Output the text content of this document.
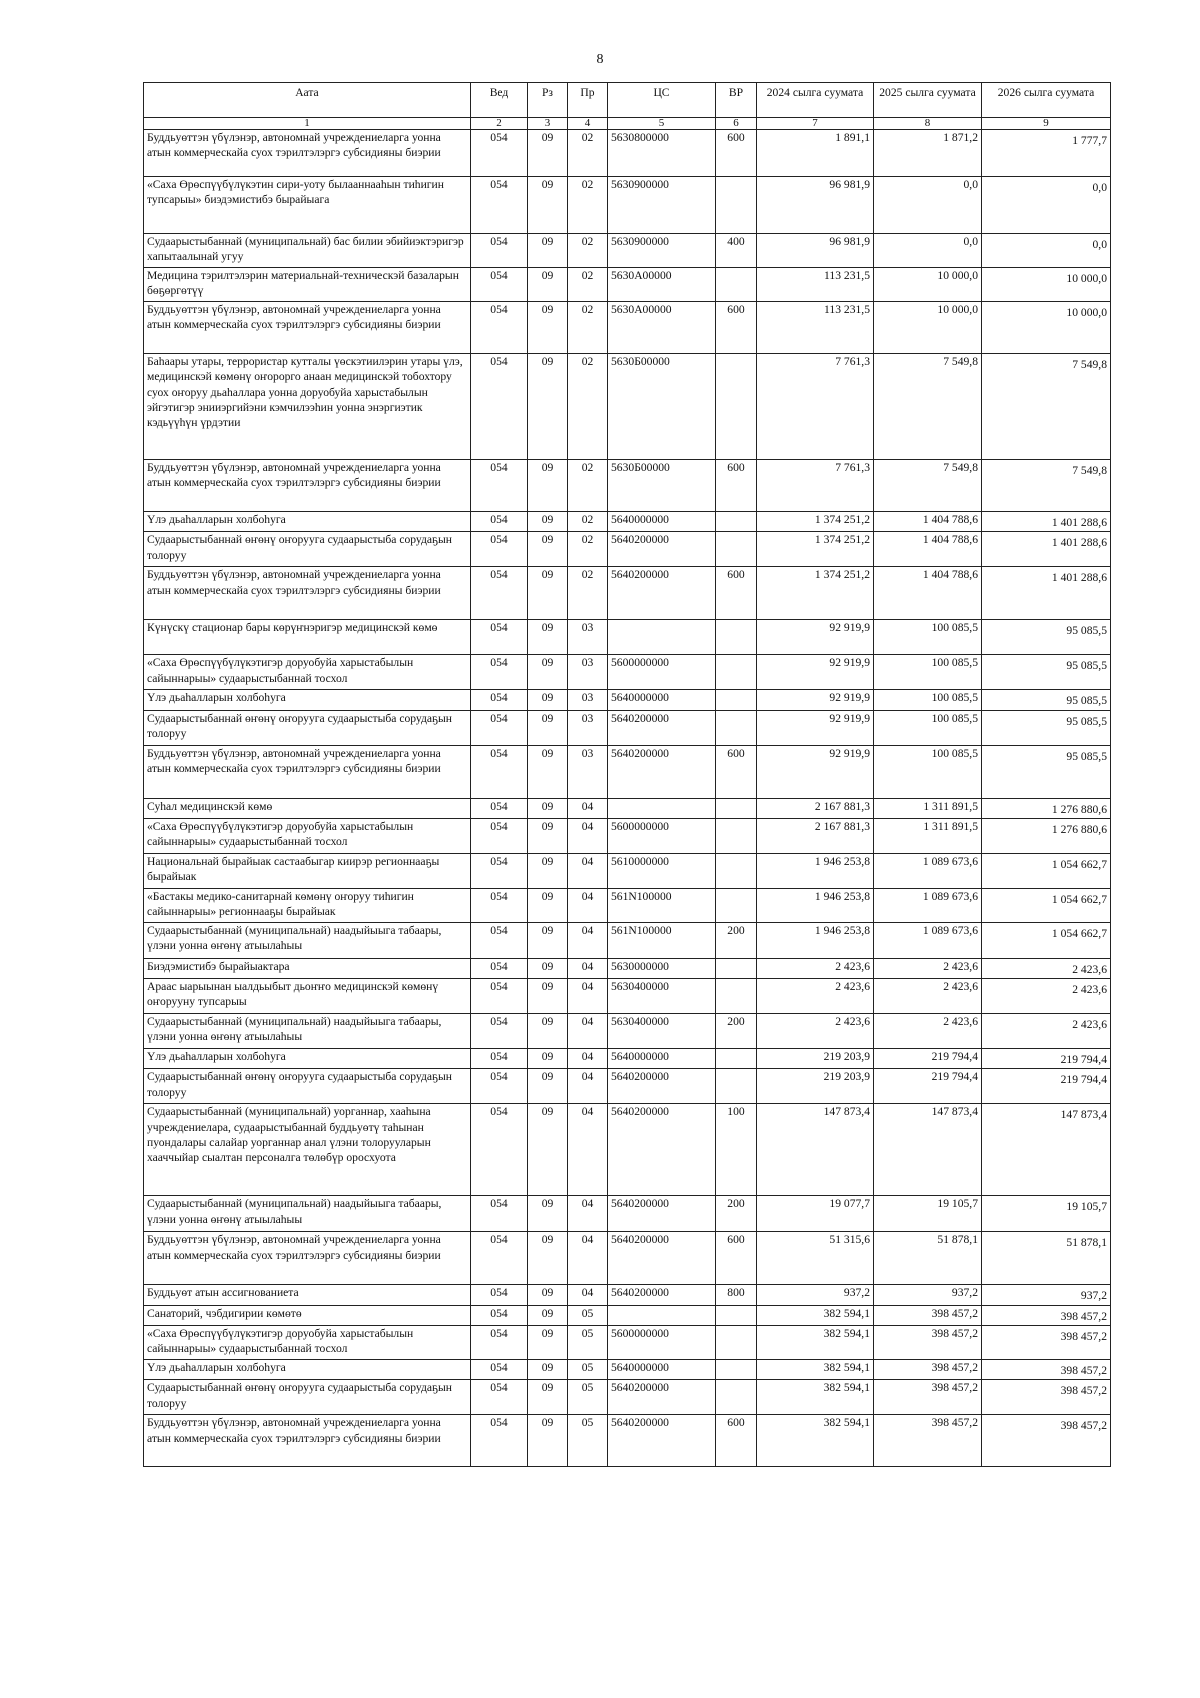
8
Аата	Вед	Рз	Пр	ЦС	ВР	2024 сылга суумата	2025 сылга суумата	2026 сылга суумата
1	2	3	4	5	6	7	8	9
Буддьуөттэн үбүлэнэр, автономнай учреждениеларга уонна атын коммерческайа суох тэрилтэлэргэ субсидияны биэрии	054	09	02	5630800000	600	1 891,1	1 871,2	1 777,7
«Саха Өрөспүүбүлүкэтин сири-уоту былааннааһын тиһигин тупсарыы» биэдэмистибэ бырайыага	054	09	02	5630900000		96 981,9	0,0	0,0
Судаарыстыбаннай (муниципальнай) бас билии эбийиэктэригэр хапытаалынай угуу	054	09	02	5630900000	400	96 981,9	0,0	0,0
Медицина тэрилтэлэрин матеpиальнай-техническэй базаларын бөҕөргөтүү	054	09	02	5630А00000		113 231,5	10 000,0	10 000,0
Буддьуөттэн үбүлэнэр, автономнай учреждениеларга уонна атын коммерческайа суох тэрилтэлэргэ субсидияны биэрии	054	09	02	5630А00000	600	113 231,5	10 000,0	10 000,0
Баһаары утары, террористар кутталы үөскэтиилэрин утары үлэ, медицинскэй көмөнү оҥорорго анаан медицинскэй тобохтору суох оҥоруу дьаһаллара уонна доруобуйа харыстабылын эйгэтигэр энииэргийэни кэмчилээһин уонна энэргиэтик кэдьүүһүн үрдэтии	054	09	02	5630Б00000		7 761,3	7 549,8	7 549,8
Буддьуөттэн үбүлэнэр, автономнай учреждениеларга уонна атын коммерческайа суох тэрилтэлэргэ субсидияны биэрии	054	09	02	5630Б00000	600	7 761,3	7 549,8	7 549,8
Үлэ дьаһалларын холбоһуга	054	09	02	5640000000		1 374 251,2	1 404 788,6	1 401 288,6
Судаарыстыбаннай өҥөнү оҥорууга судаарыстыба сорудаҕын толоруу	054	09	02	5640200000		1 374 251,2	1 404 788,6	1 401 288,6
Буддьуөттэн үбүлэнэр, автономнай учреждениеларга уонна атын коммерческайа суох тэрилтэлэргэ субсидияны биэрии	054	09	02	5640200000	600	1 374 251,2	1 404 788,6	1 401 288,6
Күнүскү стационар бары көрүҥнэригэр медицинскэй көмө	054	09	03			92 919,9	100 085,5	95 085,5
«Саха Өрөспүүбүлүкэтигэр доруобуйа харыстабылын сайыннарыы» судаарыстыбаннай тосхол	054	09	03	5600000000		92 919,9	100 085,5	95 085,5
Үлэ дьаһалларын холбоһуга	054	09	03	5640000000		92 919,9	100 085,5	95 085,5
Судаарыстыбаннай өҥөнү оҥорууга судаарыстыба сорудаҕын толоруу	054	09	03	5640200000		92 919,9	100 085,5	95 085,5
Буддьуөттэн үбүлэнэр, автономнай учреждениеларга уонна атын коммерческайа суох тэрилтэлэргэ субсидияны биэрии	054	09	03	5640200000	600	92 919,9	100 085,5	95 085,5
Суһал медицинскэй көмө	054	09	04			2 167 881,3	1 311 891,5	1 276 880,6
«Саха Өрөспүүбүлүкэтигэр доруобуйа харыстабылын сайыннарыы» судаарыстыбаннай тосхол	054	09	04	5600000000		2 167 881,3	1 311 891,5	1 276 880,6
Национальнай бырайыак састаабыгар киирэр регионнааҕы бырайыак	054	09	04	5610000000		1 946 253,8	1 089 673,6	1 054 662,7
«Бастакы медико-санитарнай көмөнү оҥоруу тиһигин сайыннарыы» регионнааҕы бырайыак	054	09	04	561N100000		1 946 253,8	1 089 673,6	1 054 662,7
Судаарыстыбаннай (муниципальнай) наадыйыыга табаары, үлэни уонна өҥөнү атыылаһыы	054	09	04	561N100000	200	1 946 253,8	1 089 673,6	1 054 662,7
Биэдэмистибэ бырайыактара	054	09	04	5630000000		2 423,6	2 423,6	2 423,6
Араас ыарыынан ыалдьыбыт дьоҥҥо медицинскэй көмөнү оҥорууну тупсарыы	054	09	04	5630400000		2 423,6	2 423,6	2 423,6
Судаарыстыбаннай (муниципальнай) наадыйыыга табаары, үлэни уонна өҥөнү атыылаһыы	054	09	04	5630400000	200	2 423,6	2 423,6	2 423,6
Үлэ дьаһалларын холбоһуга	054	09	04	5640000000		219 203,9	219 794,4	219 794,4
Судаарыстыбаннай өҥөнү оҥорууга судаарыстыба сорудаҕын толоруу	054	09	04	5640200000		219 203,9	219 794,4	219 794,4
Судаарыстыбаннай (муниципальнай) уорганнар, хааһына учреждениелара, судаарыстыбаннай буддьуөтү таһынан пуондалары салайар уорганнар анал үлэни толорууларын хааччыйар сыалтан персоналга төлөбүр оросхуота	054	09	04	5640200000	100	147 873,4	147 873,4	147 873,4
Судаарыстыбаннай (муниципальнай) наадыйыыга табаары, үлэни уонна өҥөнү атыылаһыы	054	09	04	5640200000	200	19 077,7	19 105,7	19 105,7
Буддьуөттэн үбүлэнэр, автономнай учреждениеларга уонна атын коммерческайа суох тэрилтэлэргэ субсидияны биэрии	054	09	04	5640200000	600	51 315,6	51 878,1	51 878,1
Буддьуөт атын ассигнованиета	054	09	04	5640200000	800	937,2	937,2	937,2
Санаторий, чэбдигирии көмөтө	054	09	05			382 594,1	398 457,2	398 457,2
«Саха Өрөспүүбүлүкэтигэр доруобуйа харыстабылын сайыннарыы» судаарыстыбаннай тосхол	054	09	05	5600000000		382 594,1	398 457,2	398 457,2
Үлэ дьаһалларын холбоһуга	054	09	05	5640000000		382 594,1	398 457,2	398 457,2
Судаарыстыбаннай өҥөнү оҥорууга судаарыстыба сорудаҕын толоруу	054	09	05	5640200000		382 594,1	398 457,2	398 457,2
Буддьуөттэн үбүлэнэр, автономнай учреждениеларга уонна атын коммерческайа суох тэрилтэлэргэ субсидияны биэрии	054	09	05	5640200000	600	382 594,1	398 457,2	398 457,2
